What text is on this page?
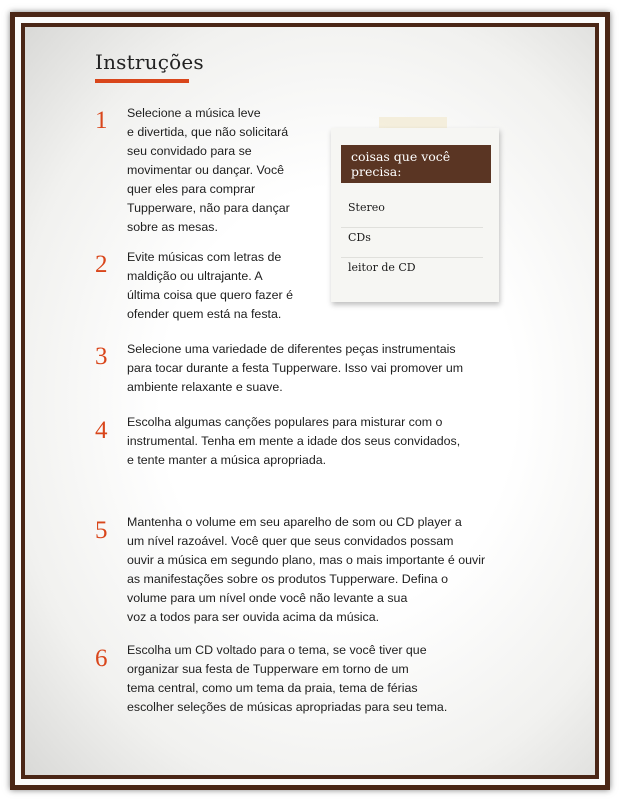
Instruções
1 Selecione a música leve
e divertida, que não solicitará
seu convidado para se
movimentar ou dançar. Você
quer eles para comprar
Tupperware, não para dançar
sobre as mesas.
2 Evite músicas com letras de
maldição ou ultrajante. A
última coisa que quero fazer é
ofender quem está na festa.
3 Selecione uma variedade de diferentes peças instrumentais
para tocar durante a festa Tupperware. Isso vai promover um
ambiente relaxante e suave.
4 Escolha algumas canções populares para misturar com o
instrumental. Tenha em mente a idade dos seus convidados,
e tente manter a música apropriada.
5 Mantenha o volume em seu aparelho de som ou CD player a
um nível razoável. Você quer que seus convidados possam
ouvir a música em segundo plano, mas o mais importante é ouvir
as manifestações sobre os produtos Tupperware. Defina o
volume para um nível onde você não levante a sua
voz a todos para ser ouvida acima da música.
6 Escolha um CD voltado para o tema, se você tiver que
organizar sua festa de Tupperware em torno de um
tema central, como um tema da praia, tema de férias
escolher seleções de músicas apropriadas para seu tema.
coisas que você precisa:
Stereo
CDs
leitor de CD
